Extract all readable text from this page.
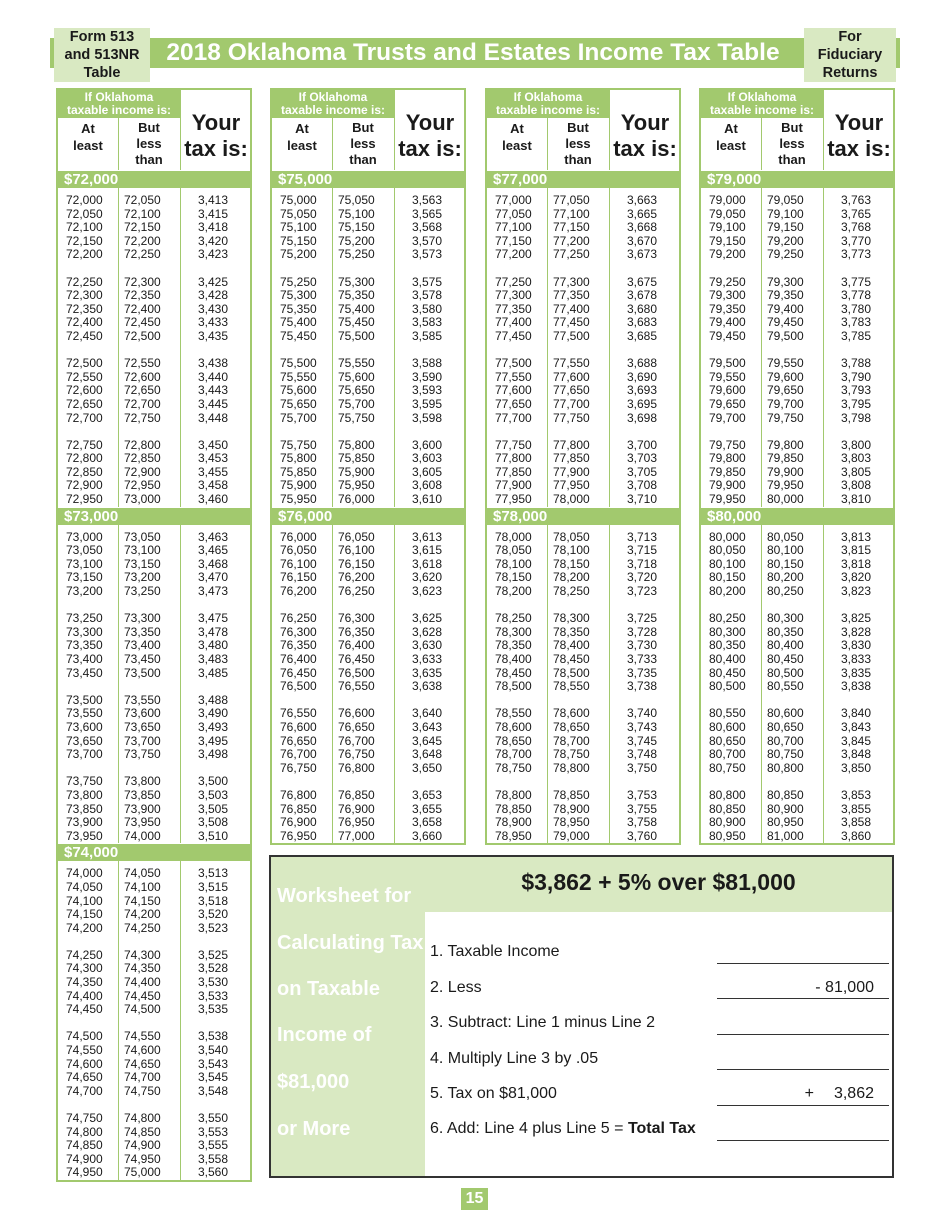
2018 Oklahoma Trusts and Estates Income Tax Table
Form 513
and 513NR
Table
For
Fiduciary
Returns
If Oklahoma
taxable income is:
At
least
But
less
than
Your
tax is:
$72,000
72,000 72,050	3,413
72,050 72,100	3,415
72,100 72,150	3,418
72,150 72,200	3,420
72,200 72,250	3,423
72,250 72,300	3,425
72,300 72,350	3,428
72,350 72,400	3,430
72,400 72,450	3,433
72,450 72,500	3,435
72,500 72,550	3,438
72,550 72,600	3,440
72,600 72,650	3,443
72,650 72,700	3,445
72,700 72,750	3,448
72,750 72,800	3,450
72,800 72,850	3,453
72,850 72,900	3,455
72,900 72,950	3,458
72,950 73,000	3,460
$73,000
73,000 73,050	3,463
73,050 73,100	3,465
73,100 73,150	3,468
73,150 73,200	3,470
73,200 73,250	3,473
73,250 73,300	3,475
73,300 73,350	3,478
73,350 73,400	3,480
73,400 73,450	3,483
73,450 73,500	3,485
73,500 73,550	3,488
73,550 73,600	3,490
73,600 73,650	3,493
73,650 73,700	3,495
73,700 73,750	3,498
73,750 73,800	3,500
73,800 73,850	3,503
73,850 73,900	3,505
73,900 73,950	3,508
73,950 74,000	3,510
$74,000
74,000 74,050	3,513
74,050 74,100	3,515
74,100 74,150	3,518
74,150 74,200	3,520
74,200 74,250	3,523
74,250 74,300	3,525
74,300 74,350	3,528
74,350 74,400	3,530
74,400 74,450	3,533
74,450 74,500	3,535
74,500 74,550	3,538
74,550 74,600	3,540
74,600 74,650	3,543
74,650 74,700	3,545
74,700 74,750	3,548
74,750 74,800	3,550
74,800 74,850	3,553
74,850 74,900	3,555
74,900 74,950	3,558
74,950 75,000	3,560
If Oklahoma
taxable income is:
At
least
But
less
than
Your
tax is:
$75,000
75,000 75,050	3,563
75,050 75,100	3,565
75,100 75,150	3,568
75,150 75,200	3,570
75,200 75,250	3,573
75,250 75,300	3,575
75,300 75,350	3,578
75,350 75,400	3,580
75,400 75,450	3,583
75,450 75,500	3,585
75,500 75,550	3,588
75,550 75,600	3,590
75,600 75,650	3,593
75,650 75,700	3,595
75,700 75,750	3,598
75,750 75,800	3,600
75,800 75,850	3,603
75,850 75,900	3,605
75,900 75,950	3,608
75,950 76,000	3,610
$76,000
76,000 76,050	3,613
76,050 76,100	3,615
76,100 76,150	3,618
76,150 76,200	3,620
76,200 76,250	3,623
76,250 76,300	3,625
76,300 76,350	3,628
76,350 76,400	3,630
76,400 76,450	3,633
76,450 76,500	3,635
76,500 76,550	3,638
76,550 76,600	3,640
76,600 76,650	3,643
76,650 76,700	3,645
76,700 76,750	3,648
76,750 76,800	3,650
76,800 76,850	3,653
76,850 76,900	3,655
76,900 76,950	3,658
76,950 77,000	3,660
If Oklahoma
taxable income is:
At
least
But
less
than
Your
tax is:
$77,000
77,000 77,050	3,663
77,050 77,100	3,665
77,100 77,150	3,668
77,150 77,200	3,670
77,200 77,250	3,673
77,250 77,300	3,675
77,300 77,350	3,678
77,350 77,400	3,680
77,400 77,450	3,683
77,450 77,500	3,685
77,500 77,550	3,688
77,550 77,600	3,690
77,600 77,650	3,693
77,650 77,700	3,695
77,700 77,750	3,698
77,750 77,800	3,700
77,800 77,850	3,703
77,850 77,900	3,705
77,900 77,950	3,708
77,950 78,000	3,710
$78,000
78,000 78,050	3,713
78,050 78,100	3,715
78,100 78,150	3,718
78,150 78,200	3,720
78,200 78,250	3,723
78,250 78,300	3,725
78,300 78,350	3,728
78,350 78,400	3,730
78,400 78,450	3,733
78,450 78,500	3,735
78,500 78,550	3,738
78,550 78,600	3,740
78,600 78,650	3,743
78,650 78,700	3,745
78,700 78,750	3,748
78,750 78,800	3,750
78,800 78,850	3,753
78,850 78,900	3,755
78,900 78,950	3,758
78,950 79,000	3,760
If Oklahoma
taxable income is:
At
least
But
less
than
Your
tax is:
$79,000
79,000 79,050	3,763
79,050 79,100	3,765
79,100 79,150	3,768
79,150 79,200	3,770
79,200 79,250	3,773
79,250 79,300	3,775
79,300 79,350	3,778
79,350 79,400	3,780
79,400 79,450	3,783
79,450 79,500	3,785
79,500 79,550	3,788
79,550 79,600	3,790
79,600 79,650	3,793
79,650 79,700	3,795
79,700 79,750	3,798
79,750 79,800	3,800
79,800 79,850	3,803
79,850 79,900	3,805
79,900 79,950	3,808
79,950 80,000	3,810
$80,000
80,000 80,050	3,813
80,050 80,100	3,815
80,100 80,150	3,818
80,150 80,200	3,820
80,200 80,250	3,823
80,250 80,300	3,825
80,300 80,350	3,828
80,350 80,400	3,830
80,400 80,450	3,833
80,450 80,500	3,835
80,500 80,550	3,838
80,550 80,600	3,840
80,600 80,650	3,843
80,650 80,700	3,845
80,700 80,750	3,848
80,750 80,800	3,850
80,800 80,850	3,853
80,850 80,900	3,855
80,900 80,950	3,858
80,950 81,000	3,860
Worksheet for
Calculating Tax
on Taxable
Income of
$81,000
or More
$3,862 + 5% over $81,000
1. Taxable Income
2. Less	- 81,000
3. Subtract: Line 1 minus Line 2
4. Multiply Line 3 by .05
5. Tax on $81,000	+ 3,862
6. Add: Line 4 plus Line 5 = Total Tax
15
